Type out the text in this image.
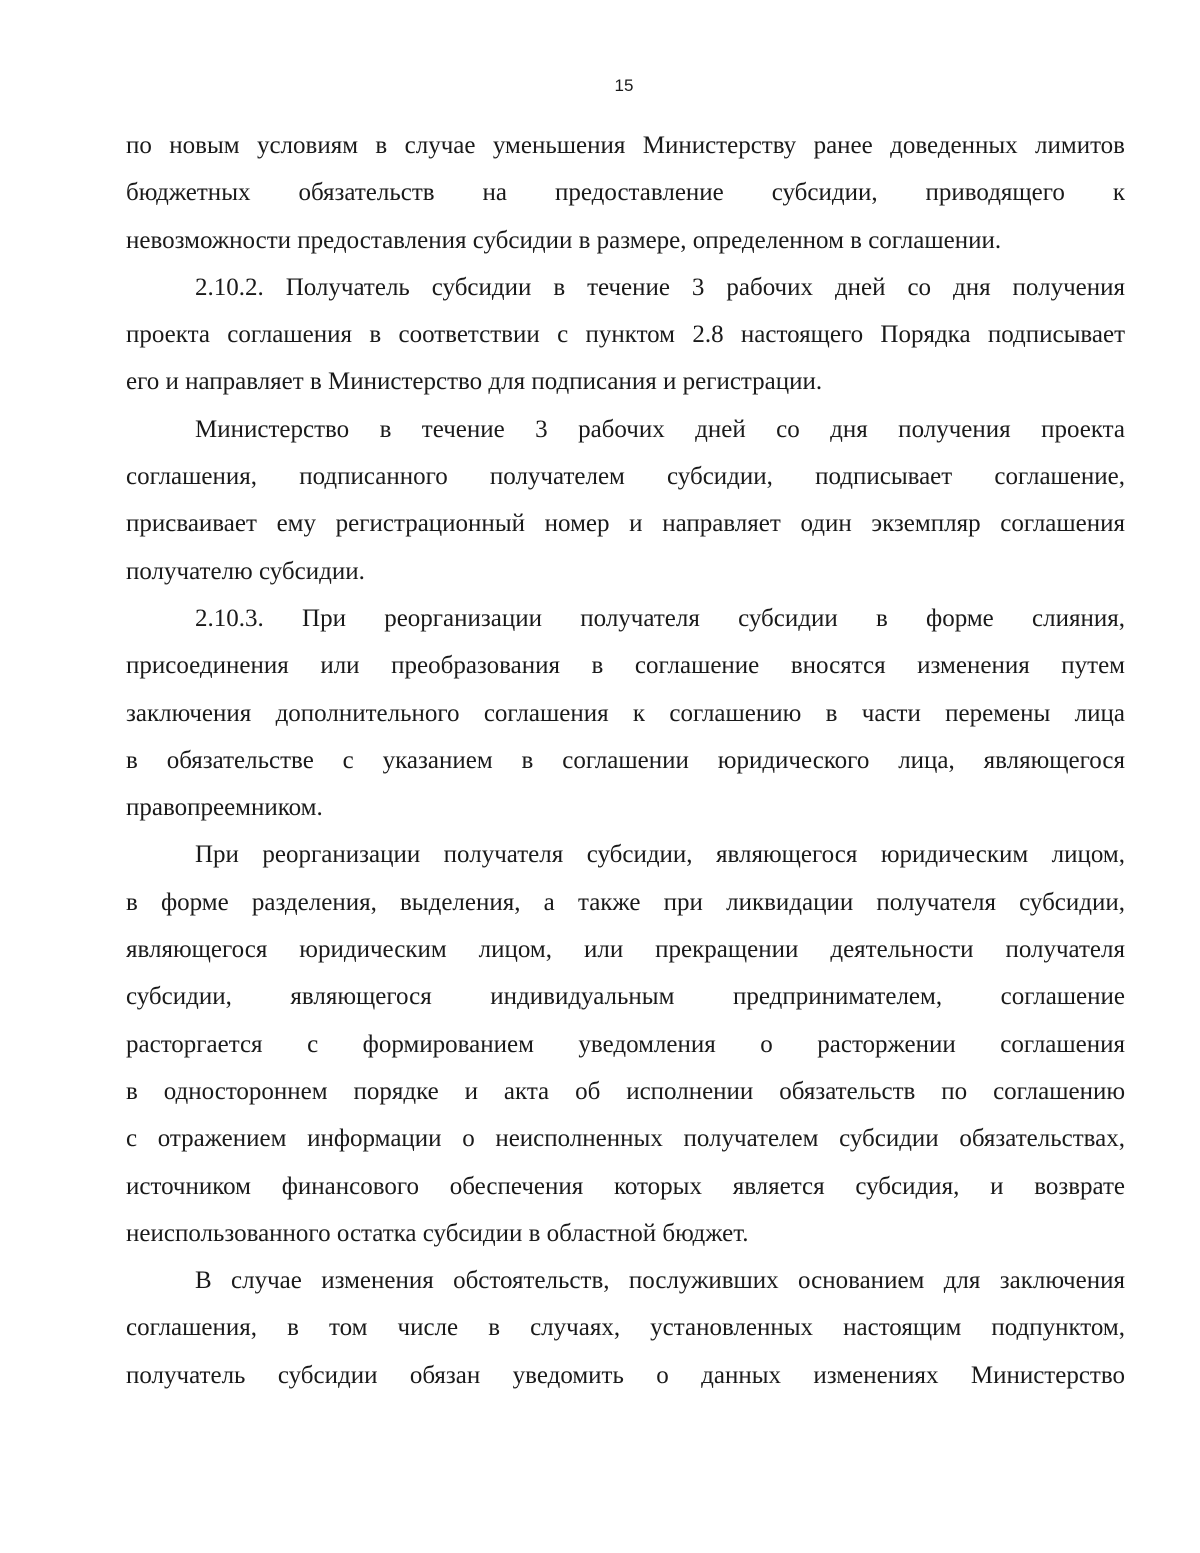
15
по новым условиям в случае уменьшения Министерству ранее доведенных лимитов
бюджетных обязательств на предоставление субсидии, приводящего к
невозможности предоставления субсидии в размере, определенном в соглашении.
2.10.2. Получатель субсидии в течение 3 рабочих дней со дня получения
проекта соглашения в соответствии с пунктом 2.8 настоящего Порядка подписывает
его и направляет в Министерство для подписания и регистрации.
Министерство в течение 3 рабочих дней со дня получения проекта
соглашения, подписанного получателем субсидии, подписывает соглашение,
присваивает ему регистрационный номер и направляет один экземпляр соглашения
получателю субсидии.
2.10.3. При реорганизации получателя субсидии в форме слияния,
присоединения или преобразования в соглашение вносятся изменения путем
заключения дополнительного соглашения к соглашению в части перемены лица
в обязательстве с указанием в соглашении юридического лица, являющегося
правопреемником.
При реорганизации получателя субсидии, являющегося юридическим лицом,
в форме разделения, выделения, а также при ликвидации получателя субсидии,
являющегося юридическим лицом, или прекращении деятельности получателя
субсидии, являющегося индивидуальным предпринимателем, соглашение
расторгается с формированием уведомления о расторжении соглашения
в одностороннем порядке и акта об исполнении обязательств по соглашению
с отражением информации о неисполненных получателем субсидии обязательствах,
источником финансового обеспечения которых является субсидия, и возврате
неиспользованного остатка субсидии в областной бюджет.
В случае изменения обстоятельств, послуживших основанием для заключения
соглашения, в том числе в случаях, установленных настоящим подпунктом,
получатель субсидии обязан уведомить о данных изменениях Министерство
